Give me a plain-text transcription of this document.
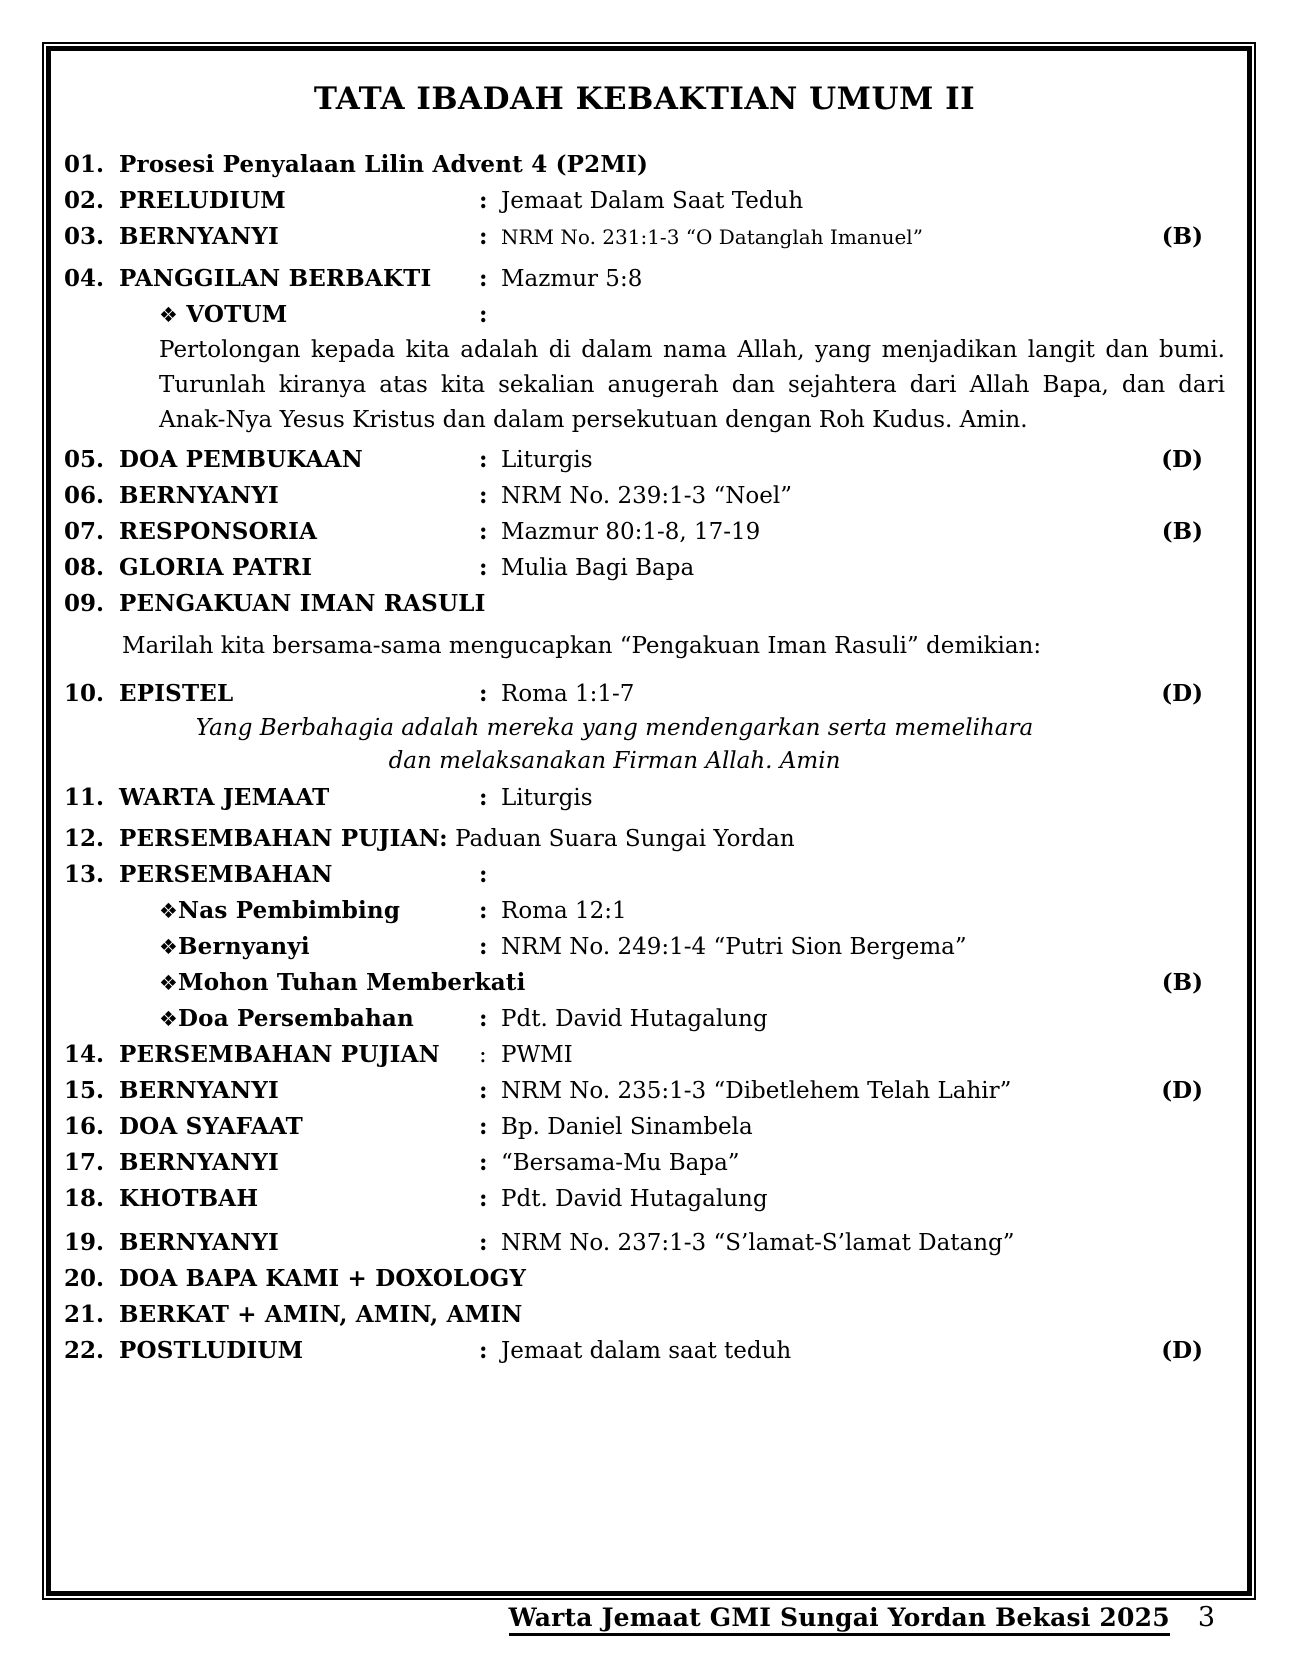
TATA IBADAH KEBAKTIAN UMUM II
01. Prosesi Penyalaan Lilin Advent 4 (P2MI)
02. PRELUDIUM	: Jemaat Dalam Saat Teduh
03. BERNYANYI	: NRM No. 231:1-3 “O Datanglah Imanuel”	(B)
04. PANGGILAN BERBAKTI	: Mazmur 5:8
❖ VOTUM	:
Pertolongan kepada kita adalah di dalam nama Allah, yang menjadikan langit dan bumi. Turunlah kiranya atas kita sekalian anugerah dan sejahtera dari Allah Bapa, dan dari Anak-Nya Yesus Kristus dan dalam persekutuan dengan Roh Kudus. Amin.
05. DOA PEMBUKAAN	: Liturgis	(D)
06. BERNYANYI	: NRM No. 239:1-3 “Noel”
07. RESPONSORIA	: Mazmur 80:1-8, 17-19	(B)
08. GLORIA PATRI	: Mulia Bagi Bapa
09. PENGAKUAN IMAN RASULI
Marilah kita bersama-sama mengucapkan “Pengakuan Iman Rasuli” demikian:
10. EPISTEL	: Roma 1:1-7	(D)
Yang Berbahagia adalah mereka yang mendengarkan serta memelihara
dan melaksanakan Firman Allah. Amin
11. WARTA JEMAAT	: Liturgis
12. PERSEMBAHAN PUJIAN:
Paduan Suara Sungai Yordan
13. PERSEMBAHAN	:
❖Nas Pembimbing	: Roma 12:1
❖Bernyanyi	: NRM No. 249:1-4 “Putri Sion Bergema”
❖Mohon Tuhan Memberkati	(B)
❖Doa Persembahan	: Pdt. David Hutagalung
14. PERSEMBAHAN PUJIAN	: PWMI
15. BERNYANYI	: NRM No. 235:1-3 “Dibetlehem Telah Lahir”	(D)
16. DOA SYAFAAT	: Bp. Daniel Sinambela
17. BERNYANYI	: “Bersama-Mu Bapa”
18. KHOTBAH	: Pdt. David Hutagalung
19. BERNYANYI	: NRM No. 237:1-3 “S’lamat-S’lamat Datang”
20. DOA BAPA KAMI + DOXOLOGY
21. BERKAT + AMIN, AMIN, AMIN
22. POSTLUDIUM	: Jemaat dalam saat teduh	(D)
Warta Jemaat GMI Sungai Yordan Bekasi 2025 3
